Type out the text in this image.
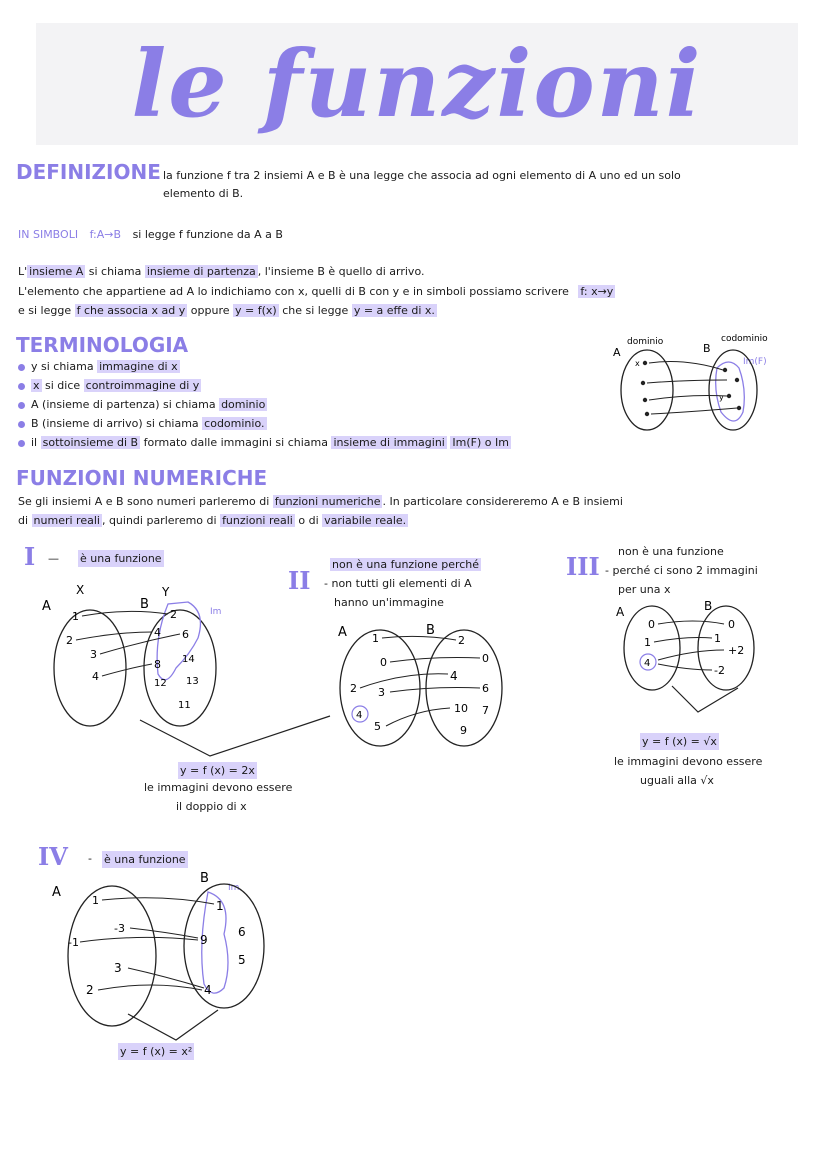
le funzioni
DEFINIZIONE la funzione f tra 2 insiemi A e B è una legge che associa ad ogni elemento di A uno ed un solo
elemento di B.
IN SIMBOLI f:A→B si legge f funzione da A a B
L' insieme A si chiama insieme di partenza , l'insieme B è quello di arrivo.
L'elemento che appartiene ad A lo indichiamo con x, quelli di B con y e in simboli possiamo scrivere f: x→y
e si legge f che associa x ad y oppure y = f(x) che si legge y = a effe di x.
TERMINOLOGIA
y si chiama immagine di x
x si dice controimmagine di y
A (insieme di partenza) si chiama dominio
B (insieme di arrivo) si chiama codominio.
il sottoinsieme di B formato dalle immagini si chiama insieme di immagini Im(F) o Im
dominio	codominio
A	B
Im(F)
x
y
FUNZIONI NUMERICHE
Se gli insiemi A e B sono numeri parleremo di funzioni numeriche . In particolare considereremo A e B insiemi
di numeri reali , quindi parleremo di funzioni reali o di variabile reale.
I — è una funzione
X	Y
A	B	Im
1
2
3
4
2
4 6
8 14
12 13
11
y = f (x) = 2x
le immagini devono essere
il doppio di x
II
non è una funzione perché
- non tutti gli elementi di A
hanno un'immagine
A	B
1
0
2 3
4
5
2
0
4
6
10 7
9
III
non è una funzione
- perché ci sono 2 immagini
per una x
A	B
0
1
4
0
1
+2
-2
y = f (x) = √x
le immagini devono essere
uguali alla √x
IV - è una funzione
A
B
Im
1
-3
-1
3
2
1
9
6
5
4
y = f (x) = x²
